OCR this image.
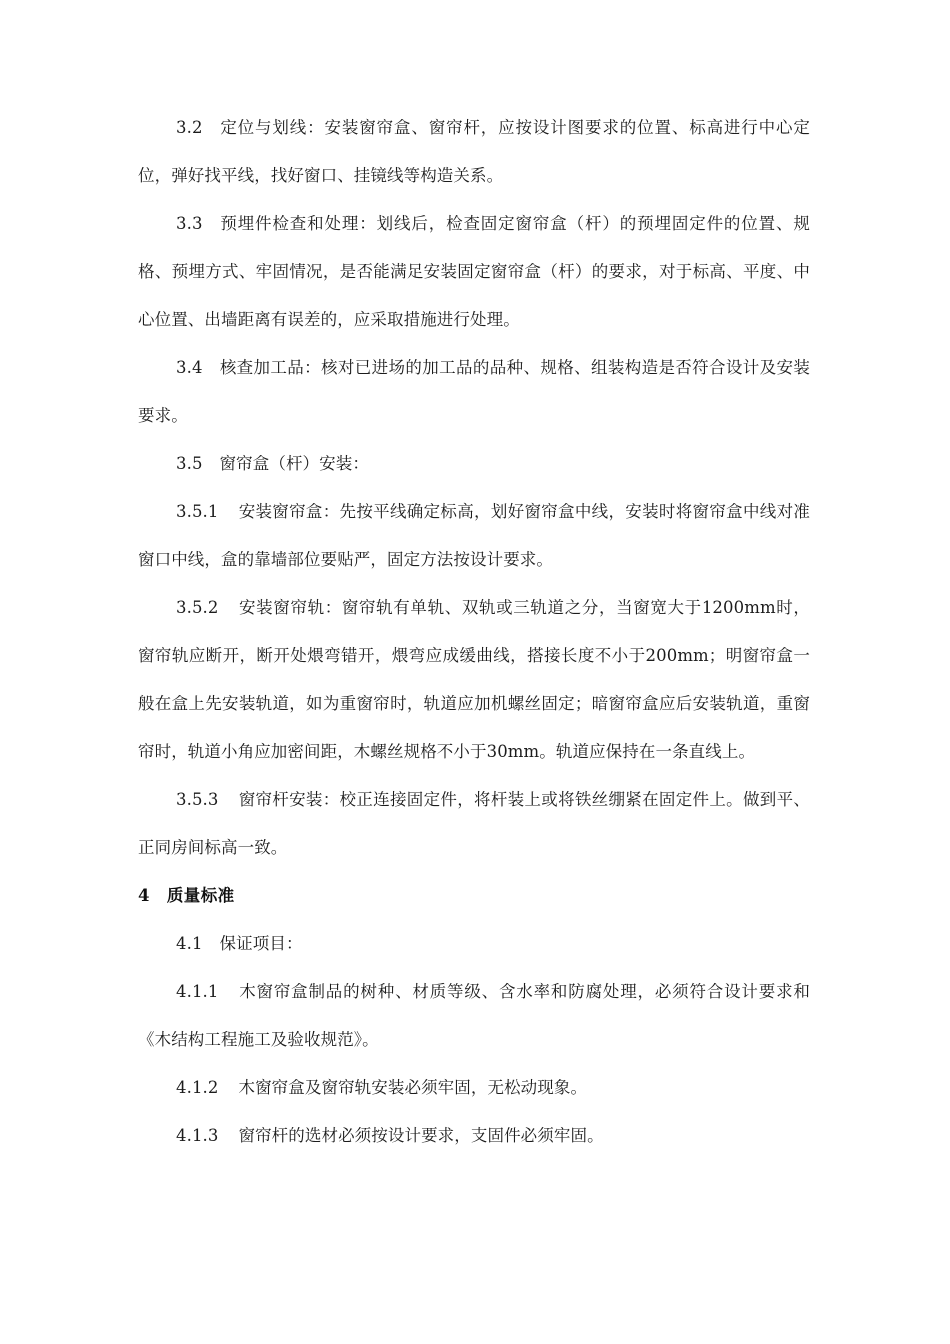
3.2 定位与划线：安装窗帘盒、窗帘杆，应按设计图要求的位置、标高进行中心定位，弹好找平线，找好窗口、挂镜线等构造关系。

3.3 预埋件检查和处理：划线后，检查固定窗帘盒（杆）的预埋固定件的位置、规格、预埋方式、牢固情况，是否能满足安装固定窗帘盒（杆）的要求，对于标高、平度、中心位置、出墙距离有误差的，应采取措施进行处理。

3.4 核查加工品：核对已进场的加工品的品种、规格、组装构造是否符合设计及安装要求。

3.5 窗帘盒（杆）安装：

3.5.1 安装窗帘盒：先按平线确定标高，划好窗帘盒中线，安装时将窗帘盒中线对准窗口中线，盒的靠墙部位要贴严，固定方法按设计要求。

3.5.2 安装窗帘轨：窗帘轨有单轨、双轨或三轨道之分，当窗宽大于1200mm时，窗帘轨应断开，断开处煨弯错开，煨弯应成缓曲线，搭接长度不小于200mm；明窗帘盒一般在盒上先安装轨道，如为重窗帘时，轨道应加机螺丝固定；暗窗帘盒应后安装轨道，重窗帘时，轨道小角应加密间距，木螺丝规格不小于30mm。轨道应保持在一条直线上。

3.5.3 窗帘杆安装：校正连接固定件，将杆装上或将铁丝绷紧在固定件上。做到平、正同房间标高一致。

4 质量标准

4.1 保证项目：

4.1.1 木窗帘盒制品的树种、材质等级、含水率和防腐处理，必须符合设计要求和《木结构工程施工及验收规范》。

4.1.2 木窗帘盒及窗帘轨安装必须牢固，无松动现象。

4.1.3 窗帘杆的选材必须按设计要求，支固件必须牢固。
